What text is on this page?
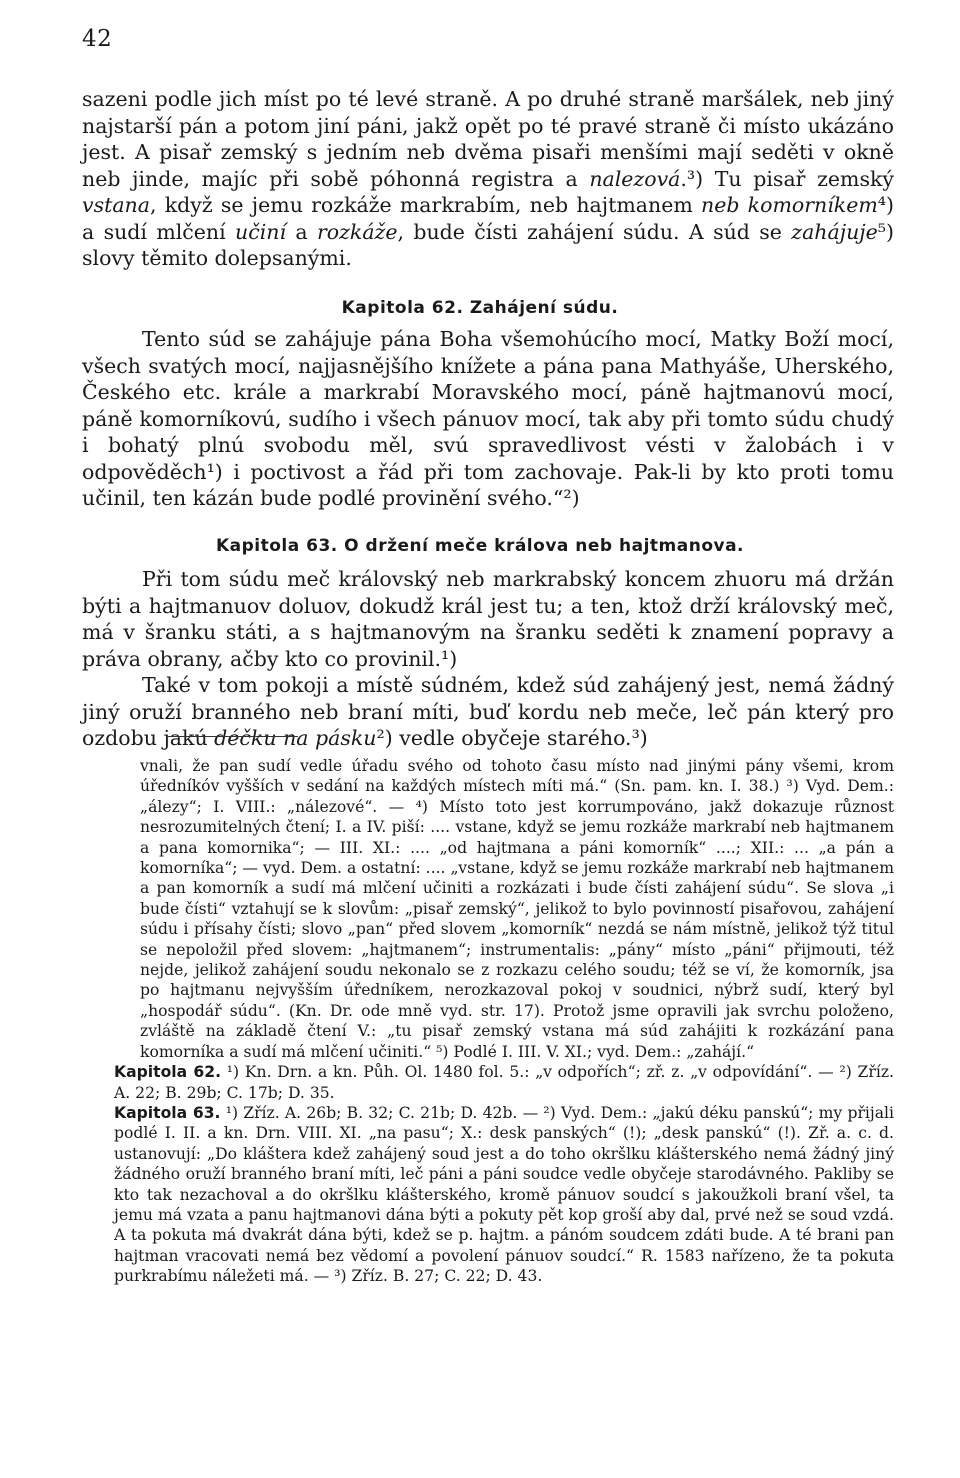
42

sazeni podle jich míst po té levé straně. A po druhé straně maršálek, neb jiný najstarší pán a potom jiní páni, jakž opět po té pravé straně či místo ukázáno jest. A pisař zemský s jedním neb dvěma pisaři menšími mají seděti v okně neb jinde, majíc při sobě póhonná registra a nalezová.³) Tu pisař zemský vstana, když se jemu rozkáže markrabím, neb hajtmanem neb komorníkem⁴) a sudí mlčení učiní a rozkáže, bude čísti zahájení súdu. A súd se zahájuje⁵) slovy těmito dolepsanými.

Kapitola 62. Zahájení súdu.

Tento súd se zahájuje pána Boha všemohúcího mocí, Matky Boží mocí, všech svatých mocí, najjasnějšího knížete a pána pana Mathyáše, Uherského, Českého etc. krále a markrabí Moravského mocí, páně hajtmanovú mocí, páně komorníkovú, sudího i všech pánuov mocí, tak aby při tomto súdu chudý i bohatý plnú svobodu měl, svú spravedlivost vésti v žalobách i v odpověděch¹) i poctivost a řád při tom zachovaje. Pak-li by kto proti tomu učinil, ten kázán bude podlé provinění svého.“²)

Kapitola 63. O držení meče králova neb hajtmanova.

Při tom súdu meč královský neb markrabský koncem zhuoru má držán býti a hajtmanuov doluov, dokudž král jest tu; a ten, ktož drží královský meč, má v šranku státi, a s hajtmanovým na šranku seděti k znamení popravy a práva obrany, ačby kto co provinil.¹)

Také v tom pokoji a místě súdném, kdež súd zahájený jest, nemá žádný jiný oruží branného neb braní míti, buď kordu neb meče, leč pán který pro ozdobu jakú déčku na pásku²) vedle obyčeje starého.³)

vnali, že pan sudí vedle úřadu svého od tohoto času místo nad jinými pány všemi, krom úředníkóv vyšších v sedání na každých místech míti má.“ (Sn. pam. kn. I. 38.) ³) Vyd. Dem.: „álezy“; I. VIII.: „nálezové“. — ⁴) Místo toto jest korrumpováno, jakž dokazuje různost nesrozumitelných čtení; I. a IV. piší: .... vstane, když se jemu rozkáže markrabí neb hajtmanem a pana komornika“; — III. XI.: .... „od hajtmana a páni komorník“ ....; XII.: ... „a pán a komorníka“; — vyd. Dem. a ostatní: .... „vstane, když se jemu rozkáže markrabí neb hajtmanem a pan komorník a sudí má mlčení učiniti a rozkázati i bude čísti zahájení súdu“. Se slova „i bude čísti“ vztahují se k slovům: „pisař zemský“, jelikož to bylo povinností pisařovou, zahájení súdu i přísahy čísti; slovo „pan“ před slovem „komorník“ nezdá se nám místně, jelikož týž titul se nepoložil před slovem: „hajtmanem“; instrumentalis: „pány“ místo „páni“ přijmouti, též nejde, jelikož zahájení soudu nekonalo se z rozkazu celého soudu; též se ví, že komorník, jsa po hajtmanu nejvyšším úředníkem, nerozkazoval pokoj v soudnici, nýbrž sudí, který byl „hospodář súdu“. (Kn. Dr. ode mně vyd. str. 17). Protož jsme opravili jak svrchu položeno, zvláště na základě čtení V.: „tu pisař zemský vstana má súd zahájiti k rozkázání pana komorníka a sudí má mlčení učiniti.“ ⁵) Podlé I. III. V. XI.; vyd. Dem.: „zahájí.“

Kapitola 62. ¹) Kn. Drn. a kn. Půh. Ol. 1480 fol. 5.: „v odpořích“; zř. z. „v odpovídání“. — ²) Zříz. A. 22; B. 29b; C. 17b; D. 35.

Kapitola 63. ¹) Zříz. A. 26b; B. 32; C. 21b; D. 42b. — ²) Vyd. Dem.: „jakú déku panskú“; my přijali podlé I. II. a kn. Drn. VIII. XI. „na pasu“; X.: desk panských“ (!); „desk panskú“ (!). Zř. a. c. d. ustanovují: „Do kláštera kdež zahájený soud jest a do toho okršlku klášterského nemá žádný jiný žádného oruží branného braní míti, leč páni a páni soudce vedle obyčeje starodávného. Pakliby se kto tak nezachoval a do okršlku klášterského, kromě pánuov soudcí s jakoužkoli braní všel, ta jemu má vzata a panu hajtmanovi dána býti a pokuty pět kop groší aby dal, prvé než se soud vzdá. A ta pokuta má dvakrát dána býti, kdež se p. hajtm. a pánóm soudcem zdáti bude. A té brani pan hajtman vracovati nemá bez vědomí a povolení pánuov soudcí.“ R. 1583 nařízeno, že ta pokuta purkrabímu náležeti má. — ³) Zříz. B. 27; C. 22; D. 43.
